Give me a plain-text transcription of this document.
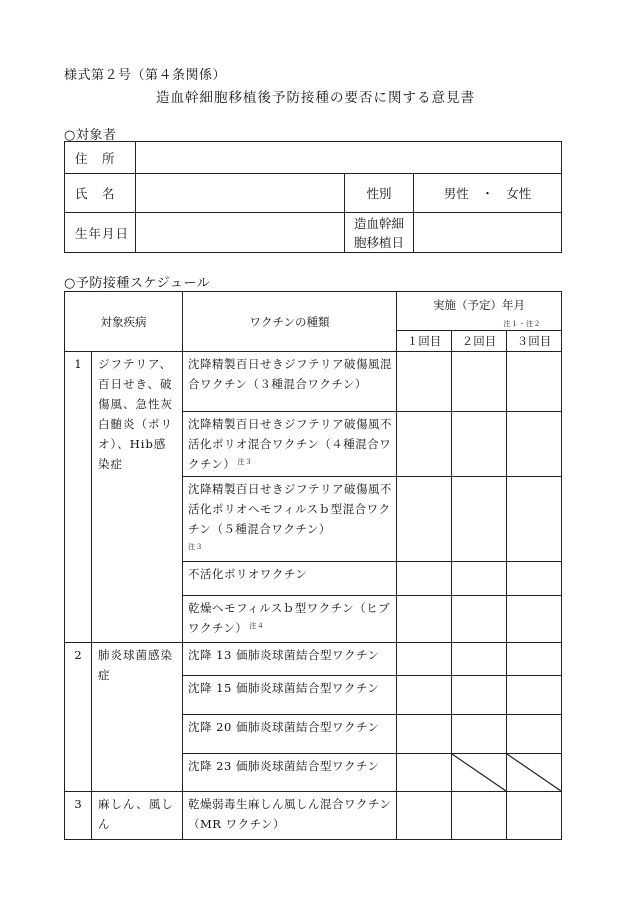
様式第２号（第４条関係）
造血幹細胞移植後予防接種の要否に関する意見書
○対象者
住　所			
氏　名		性別	男性　・　女性
生年月日		造血幹細
胞移植日	
○予防接種スケジュール
対象疾病		ワクチンの種類	実施（予定）年月
注１・注２		

			１回目	２回目	３回目
1	ジフテリア、百日せき、破傷風、急性灰白髄炎（ポリオ）、Hib感染症	沈降精製百日せきジフテリア破傷風混合ワクチン（３種混合ワクチン）			
		沈降精製百日せきジフテリア破傷風不活化ポリオ混合ワクチン（４種混合ワクチン） $^{注3}$			
		沈降精製百日せきジフテリア破傷風不活化ポリオヘモフィルスｂ型混合ワクチン（５種混合ワクチン）
$^{注3}$			
		不活化ポリオワクチン			
		乾燥ヘモフィルスｂ型ワクチン（ヒブワクチン） $^{注4}$			
2	肺炎球菌感染症	沈降 13 価肺炎球菌結合型ワクチン			
		沈降 15 価肺炎球菌結合型ワクチン			
		沈降 20 価肺炎球菌結合型ワクチン			
		沈降 23 価肺炎球菌結合型ワクチン		

3	麻しん、風しん	乾燥弱毒生麻しん風しん混合ワクチン（MR ワクチン）			
